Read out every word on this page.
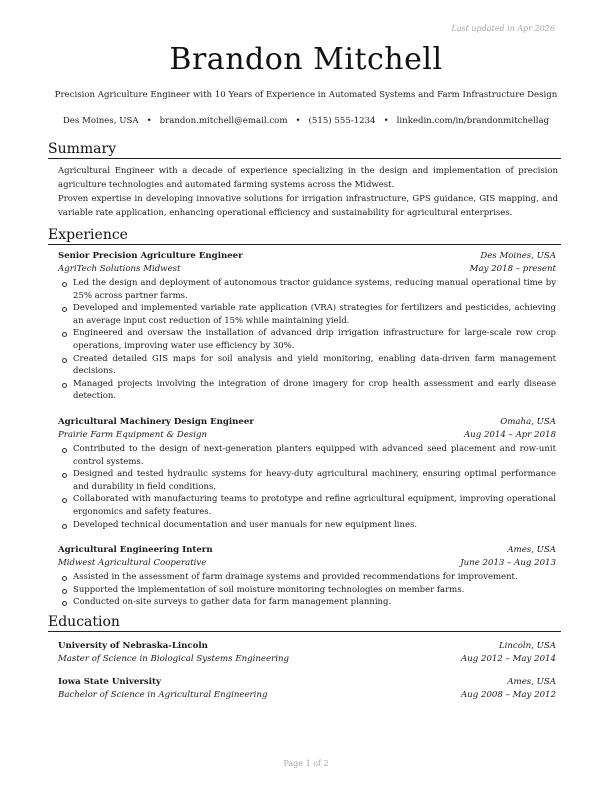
Last updated in Apr 2026
Brandon Mitchell
Precision Agriculture Engineer with 10 Years of Experience in Automated Systems and Farm Infrastructure Design
Des Moines, USA • brandon.mitchell@email.com • (515) 555-1234 • linkedin.com/in/brandonmitchellag
Summary
Agricultural Engineer with a decade of experience specializing in the design and implementation of precision agriculture technologies and automated farming systems across the Midwest.
Proven expertise in developing innovative solutions for irrigation infrastructure, GPS guidance, GIS mapping, and variable rate application, enhancing operational efficiency and sustainability for agricultural enterprises.
Experience
Senior Precision Agriculture Engineer	Des Moines, USA
AgriTech Solutions Midwest	May 2018 – present
Led the design and deployment of autonomous tractor guidance systems, reducing manual operational time by 25% across partner farms.
Developed and implemented variable rate application (VRA) strategies for fertilizers and pesticides, achieving an average input cost reduction of 15% while maintaining yield.
Engineered and oversaw the installation of advanced drip irrigation infrastructure for large-scale row crop operations, improving water use efficiency by 30%.
Created detailed GIS maps for soil analysis and yield monitoring, enabling data-driven farm management decisions.
Managed projects involving the integration of drone imagery for crop health assessment and early disease detection.
Agricultural Machinery Design Engineer	Omaha, USA
Prairie Farm Equipment & Design	Aug 2014 – Apr 2018
Contributed to the design of next-generation planters equipped with advanced seed placement and row-unit control systems.
Designed and tested hydraulic systems for heavy-duty agricultural machinery, ensuring optimal performance and durability in field conditions.
Collaborated with manufacturing teams to prototype and refine agricultural equipment, improving operational ergonomics and safety features.
Developed technical documentation and user manuals for new equipment lines.
Agricultural Engineering Intern	Ames, USA
Midwest Agricultural Cooperative	June 2013 – Aug 2013
Assisted in the assessment of farm drainage systems and provided recommendations for improvement.
Supported the implementation of soil moisture monitoring technologies on member farms.
Conducted on-site surveys to gather data for farm management planning.
Education
University of Nebraska-Lincoln	Lincoln, USA
Master of Science in Biological Systems Engineering	Aug 2012 – May 2014
Iowa State University	Ames, USA
Bachelor of Science in Agricultural Engineering	Aug 2008 – May 2012
Page 1 of 2
